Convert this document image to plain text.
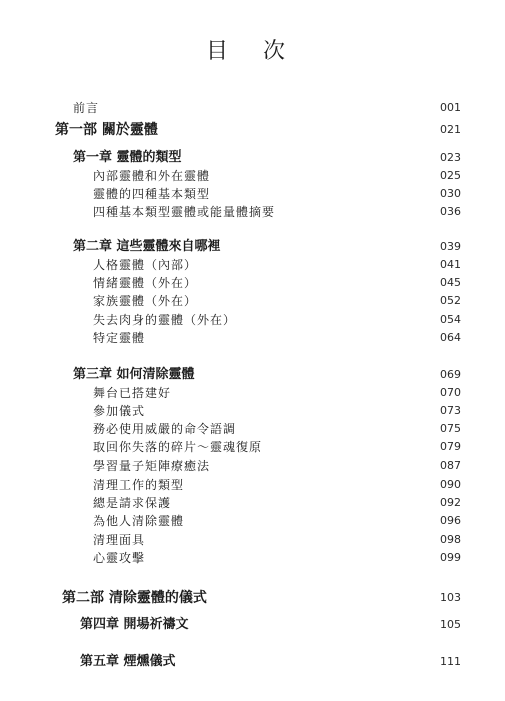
目 次
前言	001
第一部 關於靈體	021
第一章 靈體的類型	023
內部靈體和外在靈體	025
靈體的四種基本類型	030
四種基本類型靈體或能量體摘要	036
第二章 這些靈體來自哪裡	039
人格靈體（內部）	041
情緒靈體（外在）	045
家族靈體（外在）	052
失去肉身的靈體（外在）	054
特定靈體	064
第三章 如何清除靈體	069
舞台已搭建好	070
參加儀式	073
務必使用威嚴的命令語調	075
取回你失落的碎片～靈魂復原	079
學習量子矩陣療癒法	087
清理工作的類型	090
總是請求保護	092
為他人清除靈體	096
清理面具	098
心靈攻擊	099
第二部 清除靈體的儀式	103
第四章 開場祈禱文	105
第五章 煙燻儀式	111
